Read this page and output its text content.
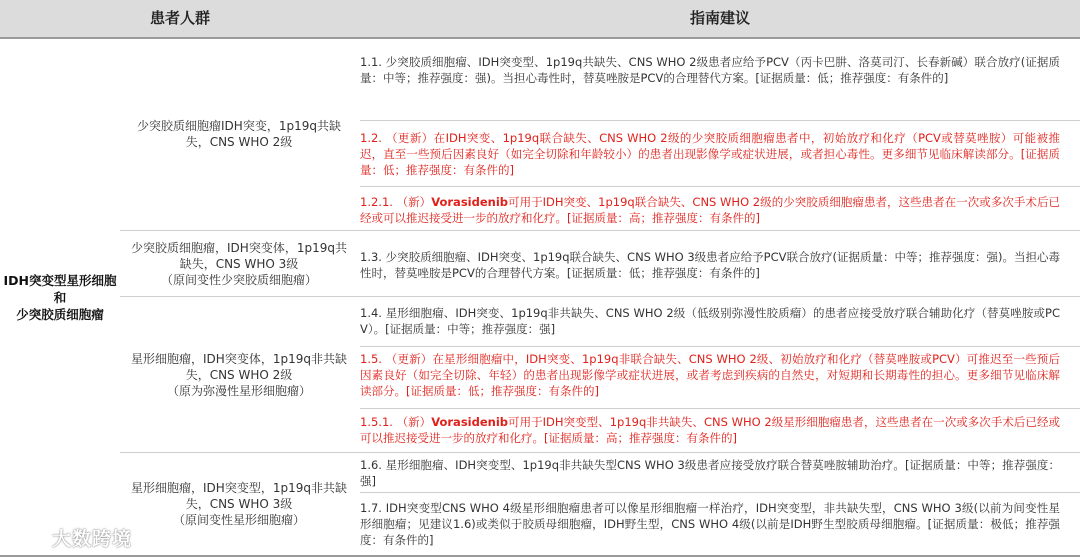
患者人群	指南建议
IDH突变型星形细胞和
少突胶质细胞瘤
少突胶质细胞瘤IDH突变，1p19q共缺失，CNS WHO 2级
少突胶质细胞瘤，IDH突变体，1p19q共缺失，CNS WHO 3级
（原间变性少突胶质细胞瘤）
星形细胞瘤，IDH突变体，1p19q非共缺失，CNS WHO 2级
（原为弥漫性星形细胞瘤）
星形细胞瘤，IDH突变型，1p19q非共缺失，CNS WHO 3级
（原间变性星形细胞瘤）
1.1. 少突胶质细胞瘤、IDH突变型、1p19q共缺失、CNS WHO 2级患者应给予PCV（丙卡巴肼、洛莫司汀、长春新碱）联合放疗(证据质量：中等；推荐强度：强)。当担心毒性时，替莫唑胺是PCV的合理替代方案。[证据质量：低；推荐强度：有条件的]
1.2. （更新）在IDH突变、1p19q联合缺失、CNS WHO 2级的少突胶质细胞瘤患者中，初始放疗和化疗（PCV或替莫唑胺）可能被推迟，直至一些预后因素良好（如完全切除和年龄较小）的患者出现影像学或症状进展，或者担心毒性。更多细节见临床解读部分。[证据质量：低；推荐强度：有条件的]
1.2.1. （新）Vorasidenib可用于IDH突变、1p19q联合缺失、CNS WHO 2级的少突胶质细胞瘤患者，这些患者在一次或多次手术后已经或可以推迟接受进一步的放疗和化疗。[证据质量：高；推荐强度：有条件的]
1.3. 少突胶质细胞瘤、IDH突变、1p19q联合缺失、CNS WHO 3级患者应给予PCV联合放疗(证据质量：中等；推荐强度：强)。当担心毒性时，替莫唑胺是PCV的合理替代方案。[证据质量：低；推荐强度：有条件的]
1.4. 星形细胞瘤、IDH突变、1p19q非共缺失、CNS WHO 2级（低级别弥漫性胶质瘤）的患者应接受放疗联合辅助化疗（替莫唑胺或PCV）。[证据质量：中等；推荐强度：强]
1.5. （更新）在星形细胞瘤中，IDH突变、1p19q非联合缺失、CNS WHO 2级、初始放疗和化疗（替莫唑胺或PCV）可推迟至一些预后因素良好（如完全切除、年轻）的患者出现影像学或症状进展，或者考虑到疾病的自然史，对短期和长期毒性的担心。更多细节见临床解读部分。[证据质量：低；推荐强度：有条件的]
1.5.1. （新）Vorasidenib可用于IDH突变型、1p19q非共缺失、CNS WHO 2级星形细胞瘤患者，这些患者在一次或多次手术后已经或可以推迟接受进一步的放疗和化疗。[证据质量：高；推荐强度：有条件的]
1.6. 星形细胞瘤、IDH突变型、1p19q非共缺失型CNS WHO 3级患者应接受放疗联合替莫唑胺辅助治疗。[证据质量：中等；推荐强度：强]
1.7. IDH突变型CNS WHO 4级星形细胞瘤患者可以像星形细胞瘤一样治疗，IDH突变型，非共缺失型，CNS WHO 3级(以前为间变性星形细胞瘤；见建议1.6)或类似于胶质母细胞瘤，IDH野生型，CNS WHO 4级(以前是IDH野生型胶质母细胞瘤。[证据质量：极低；推荐强度：有条件的]
大数跨境
